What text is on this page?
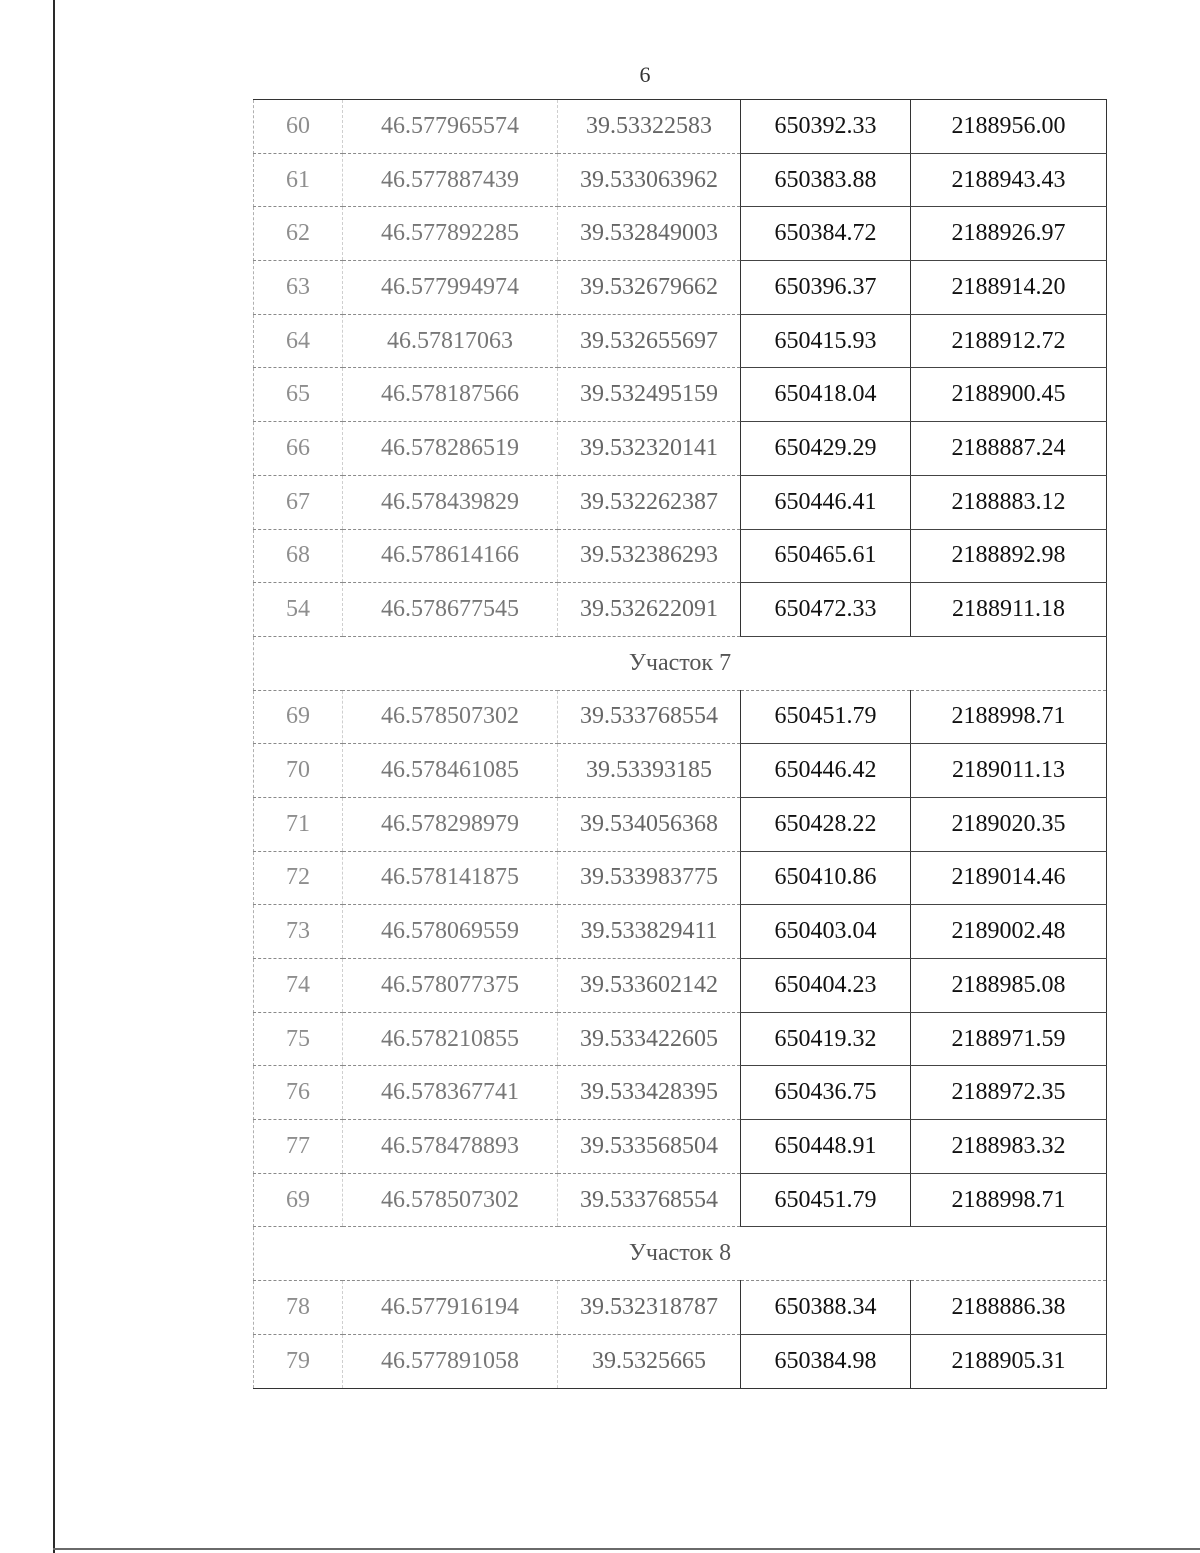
6
60	46.577965574	39.53322583	650392.33	2188956.00
61	46.577887439	39.533063962	650383.88	2188943.43
62	46.577892285	39.532849003	650384.72	2188926.97
63	46.577994974	39.532679662	650396.37	2188914.20
64	46.57817063	39.532655697	650415.93	2188912.72
65	46.578187566	39.532495159	650418.04	2188900.45
66	46.578286519	39.532320141	650429.29	2188887.24
67	46.578439829	39.532262387	650446.41	2188883.12
68	46.578614166	39.532386293	650465.61	2188892.98
54	46.578677545	39.532622091	650472.33	2188911.18
Участок 7				
69	46.578507302	39.533768554	650451.79	2188998.71
70	46.578461085	39.53393185	650446.42	2189011.13
71	46.578298979	39.534056368	650428.22	2189020.35
72	46.578141875	39.533983775	650410.86	2189014.46
73	46.578069559	39.533829411	650403.04	2189002.48
74	46.578077375	39.533602142	650404.23	2188985.08
75	46.578210855	39.533422605	650419.32	2188971.59
76	46.578367741	39.533428395	650436.75	2188972.35
77	46.578478893	39.533568504	650448.91	2188983.32
69	46.578507302	39.533768554	650451.79	2188998.71
Участок 8				
78	46.577916194	39.532318787	650388.34	2188886.38
79	46.577891058	39.5325665	650384.98	2188905.31
